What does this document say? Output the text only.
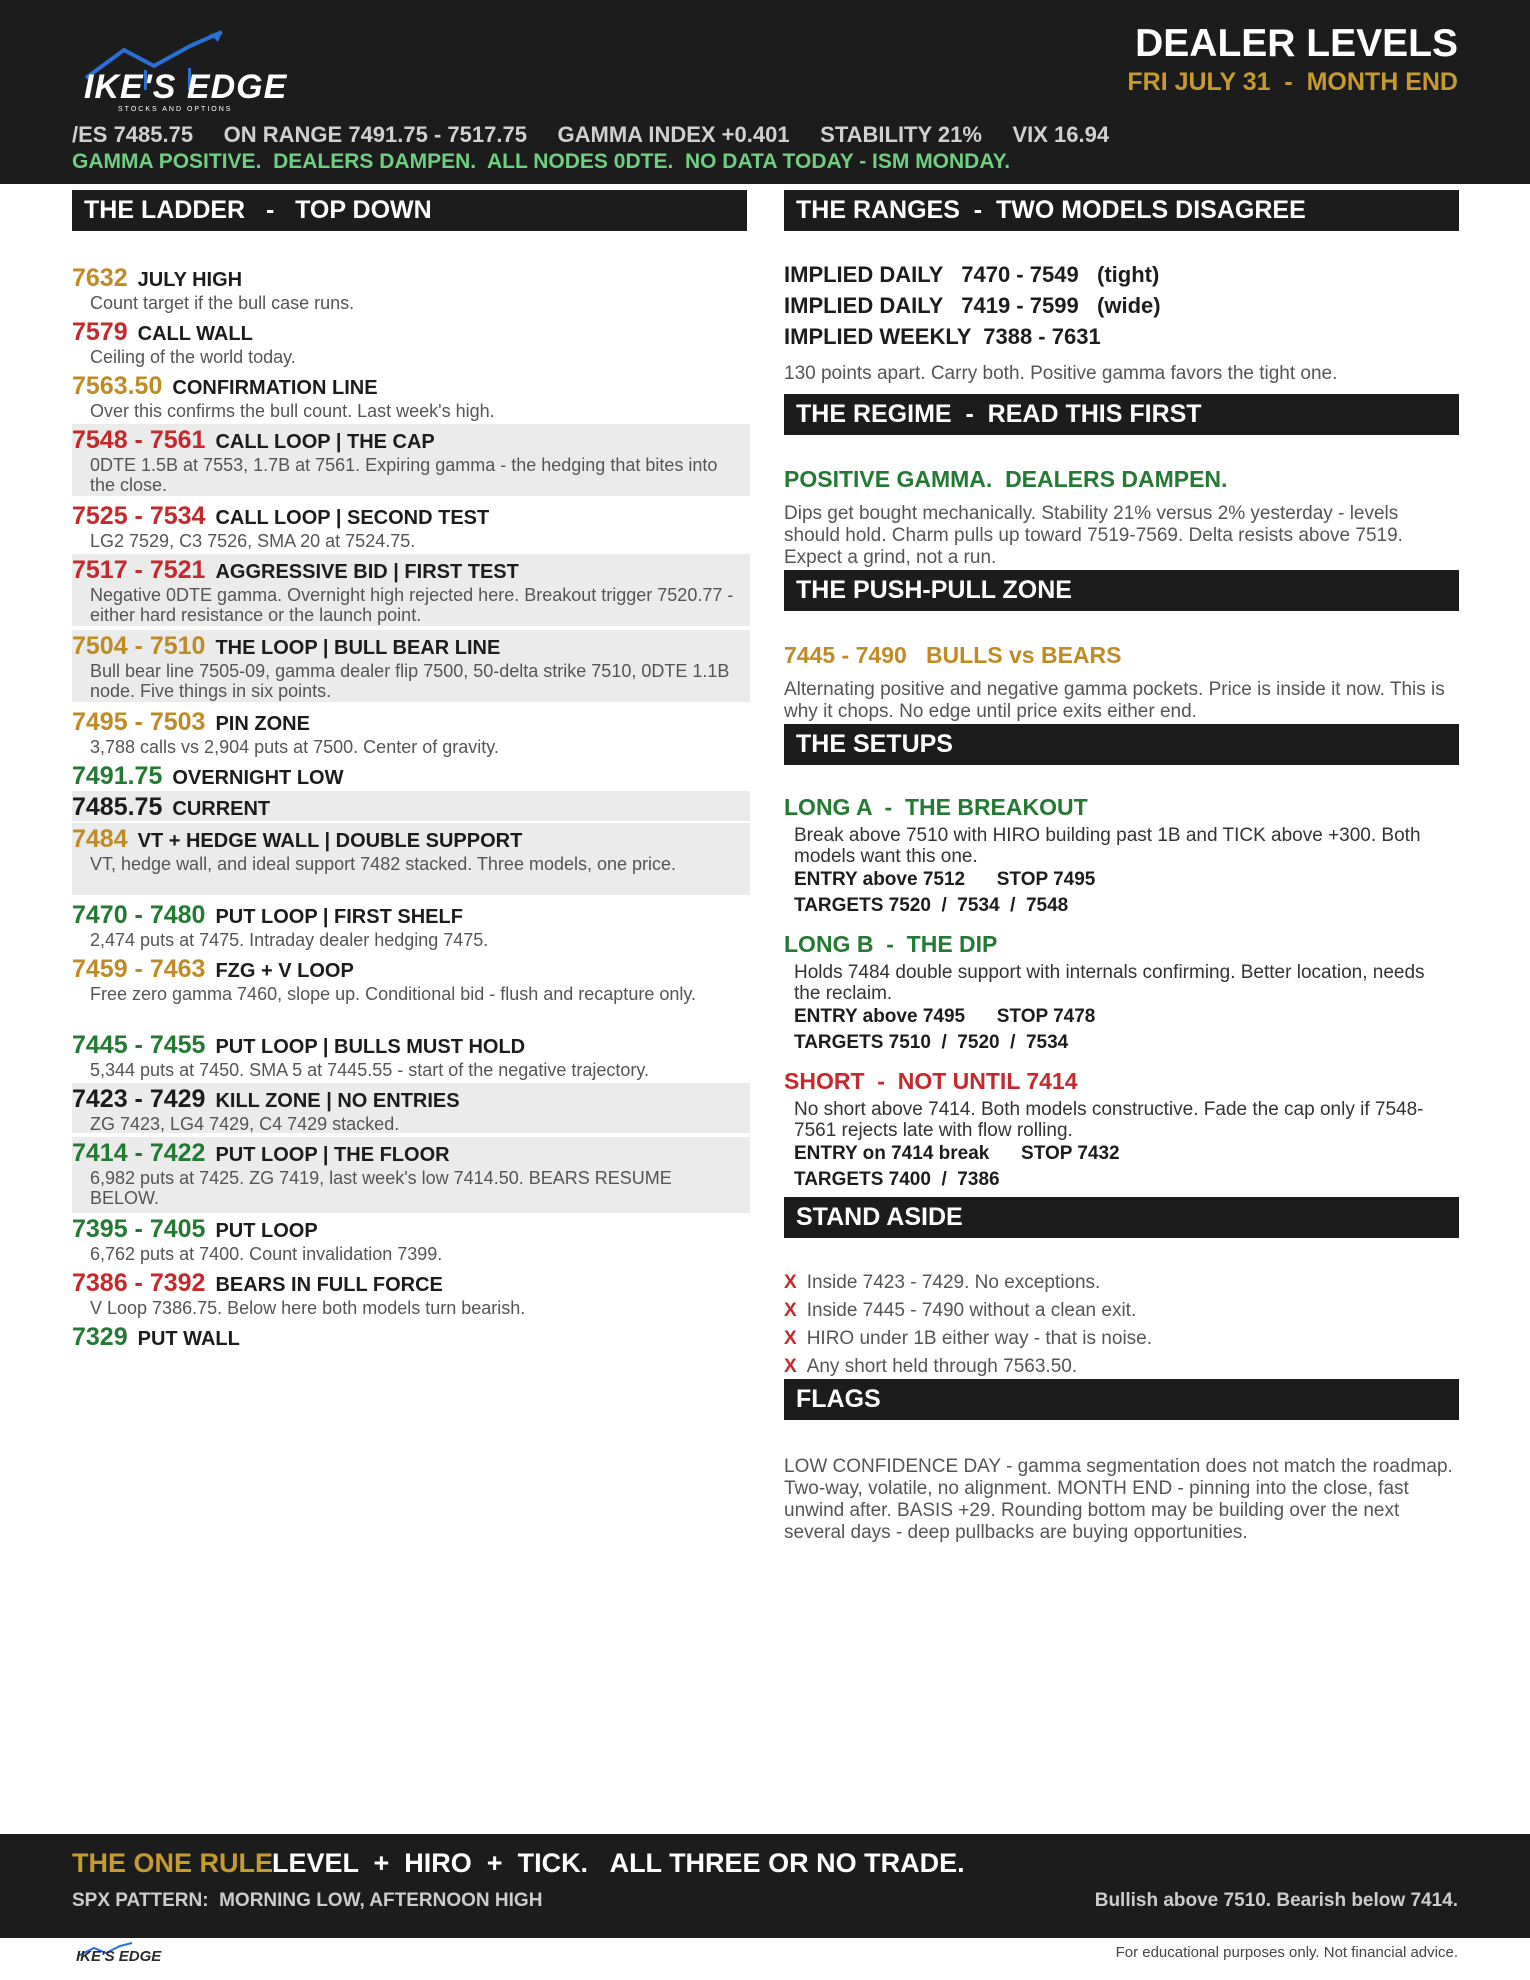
IKE'S EDGE
STOCKS AND OPTIONS
DEALER LEVELS
FRI JULY 31  -  MONTH END
/ES 7485.75     ON RANGE 7491.75 - 7517.75     GAMMA INDEX +0.401     STABILITY 21%     VIX 16.94
GAMMA POSITIVE.  DEALERS DAMPEN.  ALL NODES 0DTE.  NO DATA TODAY - ISM MONDAY.
THE LADDER   -   TOP DOWN
7632 JULY HIGH
Count target if the bull case runs.
7579 CALL WALL
Ceiling of the world today.
7563.50 CONFIRMATION LINE
Over this confirms the bull count. Last week's high.
7548 - 7561 CALL LOOP | THE CAP
0DTE 1.5B at 7553, 1.7B at 7561. Expiring gamma - the hedging that bites into the close.
7525 - 7534 CALL LOOP | SECOND TEST
LG2 7529, C3 7526, SMA 20 at 7524.75.
7517 - 7521 AGGRESSIVE BID | FIRST TEST
Negative 0DTE gamma. Overnight high rejected here. Breakout trigger 7520.77 - either hard resistance or the launch point.
7504 - 7510 THE LOOP | BULL BEAR LINE
Bull bear line 7505-09, gamma dealer flip 7500, 50-delta strike 7510, 0DTE 1.1B node. Five things in six points.
7495 - 7503 PIN ZONE
3,788 calls vs 2,904 puts at 7500. Center of gravity.
7491.75 OVERNIGHT LOW
7485.75 CURRENT
7484 VT + HEDGE WALL | DOUBLE SUPPORT
VT, hedge wall, and ideal support 7482 stacked. Three models, one price.
7470 - 7480 PUT LOOP | FIRST SHELF
2,474 puts at 7475. Intraday dealer hedging 7475.
7459 - 7463 FZG + V LOOP
Free zero gamma 7460, slope up. Conditional bid - flush and recapture only.
7445 - 7455 PUT LOOP | BULLS MUST HOLD
5,344 puts at 7450. SMA 5 at 7445.55 - start of the negative trajectory.
7423 - 7429 KILL ZONE | NO ENTRIES
ZG 7423, LG4 7429, C4 7429 stacked.
7414 - 7422 PUT LOOP | THE FLOOR
6,982 puts at 7425. ZG 7419, last week's low 7414.50. BEARS RESUME BELOW.
7395 - 7405 PUT LOOP
6,762 puts at 7400. Count invalidation 7399.
7386 - 7392 BEARS IN FULL FORCE
V Loop 7386.75. Below here both models turn bearish.
7329 PUT WALL
THE RANGES  -  TWO MODELS DISAGREE
IMPLIED DAILY   7470 - 7549   (tight)
IMPLIED DAILY   7419 - 7599   (wide)
IMPLIED WEEKLY  7388 - 7631
130 points apart. Carry both. Positive gamma favors the tight one.
THE REGIME  -  READ THIS FIRST
POSITIVE GAMMA.  DEALERS DAMPEN.
Dips get bought mechanically. Stability 21% versus 2% yesterday - levels should hold. Charm pulls up toward 7519-7569. Delta resists above 7519. Expect a grind, not a run.
THE PUSH-PULL ZONE
7445 - 7490   BULLS vs BEARS
Alternating positive and negative gamma pockets. Price is inside it now. This is why it chops. No edge until price exits either end.
THE SETUPS
LONG A  -  THE BREAKOUT
Break above 7510 with HIRO building past 1B and TICK above +300. Both models want this one.
ENTRY above 7512      STOP 7495
TARGETS 7520  /  7534  /  7548
LONG B  -  THE DIP
Holds 7484 double support with internals confirming. Better location, needs the reclaim.
ENTRY above 7495      STOP 7478
TARGETS 7510  /  7520  /  7534
SHORT  -  NOT UNTIL 7414
No short above 7414. Both models constructive. Fade the cap only if 7548-7561 rejects late with flow rolling.
ENTRY on 7414 break      STOP 7432
TARGETS 7400  /  7386
STAND ASIDE
X Inside 7423 - 7429. No exceptions.
X Inside 7445 - 7490 without a clean exit.
X HIRO under 1B either way - that is noise.
X Any short held through 7563.50.
FLAGS
LOW CONFIDENCE DAY - gamma segmentation does not match the roadmap. Two-way, volatile, no alignment. MONTH END - pinning into the close, fast unwind after. BASIS +29. Rounding bottom may be building over the next several days - deep pullbacks are buying opportunities.
THE ONE RULE
LEVEL  +  HIRO  +  TICK.   ALL THREE OR NO TRADE.
SPX PATTERN:  MORNING LOW, AFTERNOON HIGH	Bullish above 7510. Bearish below 7414.
IKE'S EDGE	For educational purposes only. Not financial advice.
